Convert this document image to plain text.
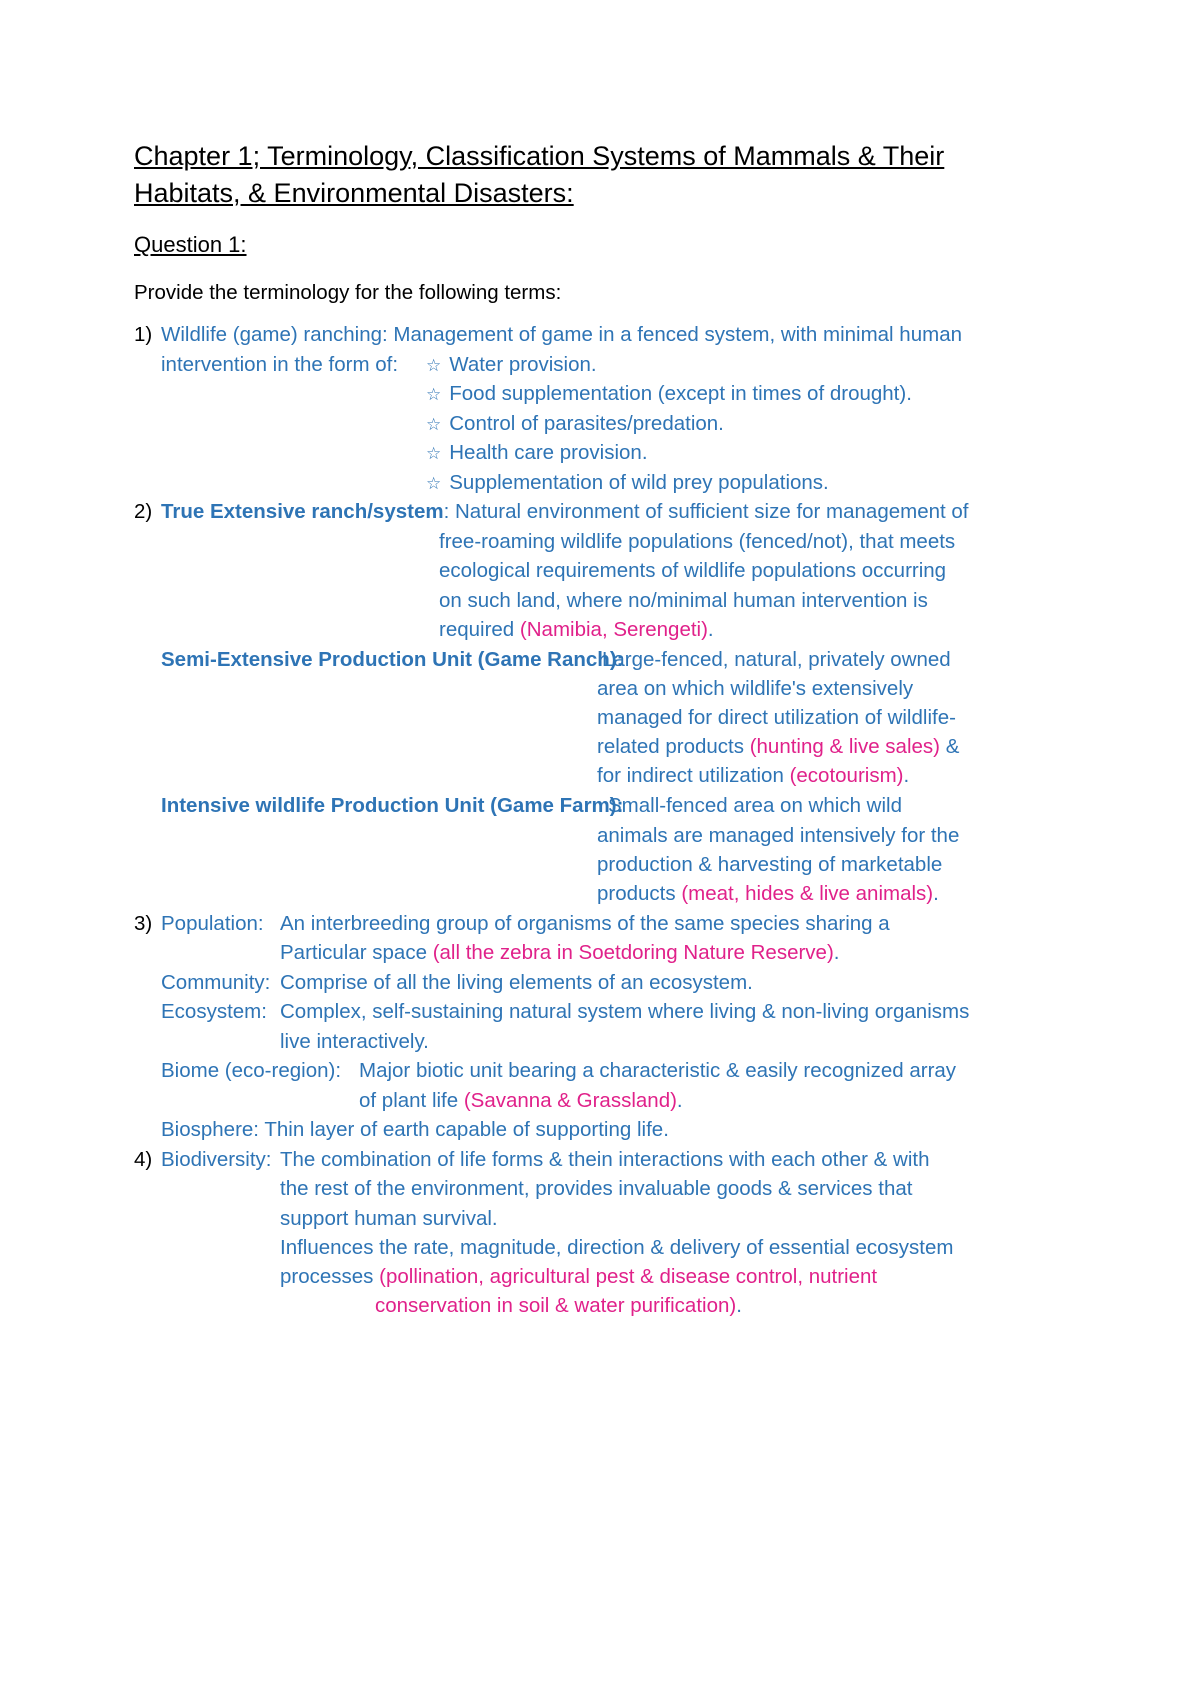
Chapter 1; Terminology, Classification Systems of Mammals & Their
Habitats, & Environmental Disasters:
Question 1:
Provide the terminology for the following terms:
1) Wildlife (game) ranching: Management of game in a fenced system, with minimal human
intervention in the form of: ☆ Water provision.
☆ Food supplementation (except in times of drought).
☆ Control of parasites/predation.
☆ Health care provision.
☆ Supplementation of wild prey populations.
2) True Extensive ranch/system: Natural environment of sufficient size for management of
free-roaming wildlife populations (fenced/not), that meets
ecological requirements of wildlife populations occurring
on such land, where no/minimal human intervention is
required (Namibia, Serengeti).
Semi-Extensive Production Unit (Game Ranch):
Large-fenced, natural, privately owned
area on which wildlife's extensively
managed for direct utilization of wildlife-
related products (hunting & live sales) &
for indirect utilization (ecotourism).
Intensive wildlife Production Unit (Game Farm):
Small-fenced area on which wild
animals are managed intensively for the
production & harvesting of marketable
products (meat, hides & live animals).
3) Population: An interbreeding group of organisms of the same species sharing a
Particular space (all the zebra in Soetdoring Nature Reserve).
Community: Comprise of all the living elements of an ecosystem.
Ecosystem: Complex, self-sustaining natural system where living & non-living organisms
live interactively.
Biome (eco-region): Major biotic unit bearing a characteristic & easily recognized array
of plant life (Savanna & Grassland).
Biosphere: Thin layer of earth capable of supporting life.
4) Biodiversity: The combination of life forms & thein interactions with each other & with
the rest of the environment, provides invaluable goods & services that
support human survival.
Influences the rate, magnitude, direction & delivery of essential ecosystem
processes (pollination, agricultural pest & disease control, nutrient
conservation in soil & water purification).
